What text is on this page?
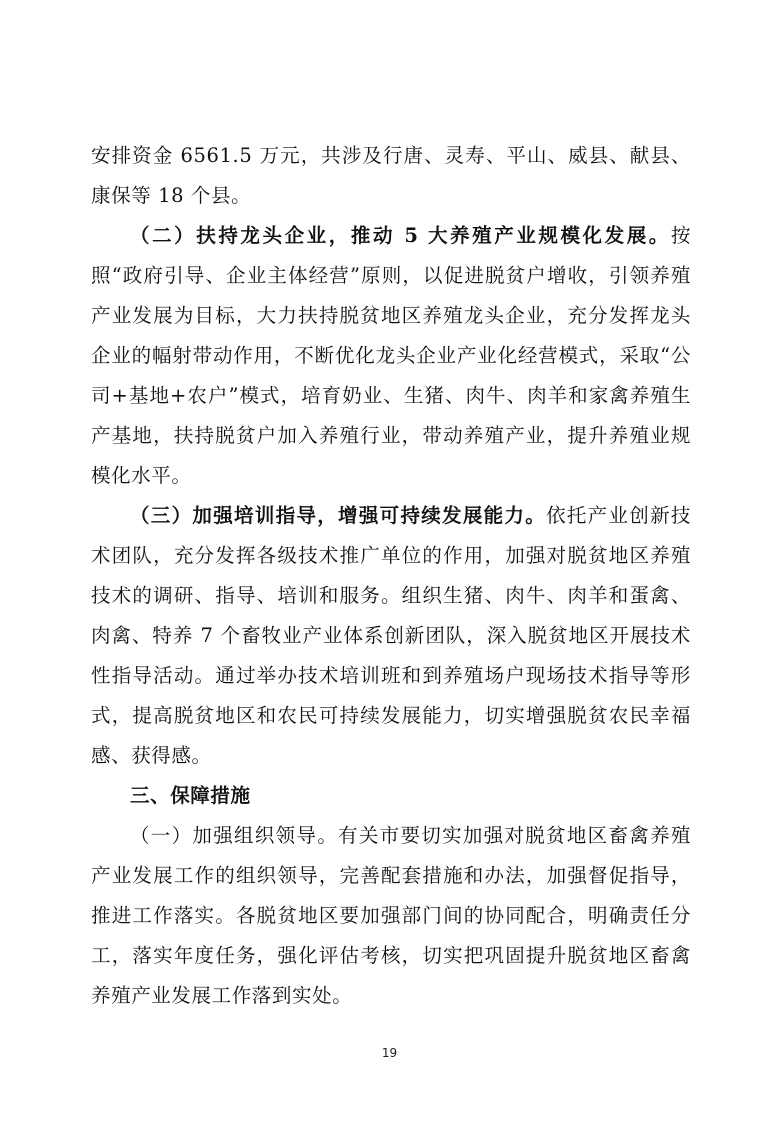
安排资金 6561.5 万元，共涉及行唐、灵寿、平山、威县、献县、康保等 18 个县。

（二）扶持龙头企业，推动 5 大养殖产业规模化发展。按照“政府引导、企业主体经营”原则，以促进脱贫户增收，引领养殖产业发展为目标，大力扶持脱贫地区养殖龙头企业，充分发挥龙头企业的幅射带动作用，不断优化龙头企业产业化经营模式，采取“公司+基地+农户”模式，培育奶业、生猪、肉牛、肉羊和家禽养殖生产基地，扶持脱贫户加入养殖行业，带动养殖产业，提升养殖业规模化水平。

（三）加强培训指导，增强可持续发展能力。依托产业创新技术团队，充分发挥各级技术推广单位的作用，加强对脱贫地区养殖技术的调研、指导、培训和服务。组织生猪、肉牛、肉羊和蛋禽、肉禽、特养 7 个畜牧业产业体系创新团队，深入脱贫地区开展技术性指导活动。通过举办技术培训班和到养殖场户现场技术指导等形式，提高脱贫地区和农民可持续发展能力，切实增强脱贫农民幸福感、获得感。

三、保障措施

（一）加强组织领导。有关市要切实加强对脱贫地区畜禽养殖产业发展工作的组织领导，完善配套措施和办法，加强督促指导，推进工作落实。各脱贫地区要加强部门间的协同配合，明确责任分工，落实年度任务，强化评估考核，切实把巩固提升脱贫地区畜禽养殖产业发展工作落到实处。

19
